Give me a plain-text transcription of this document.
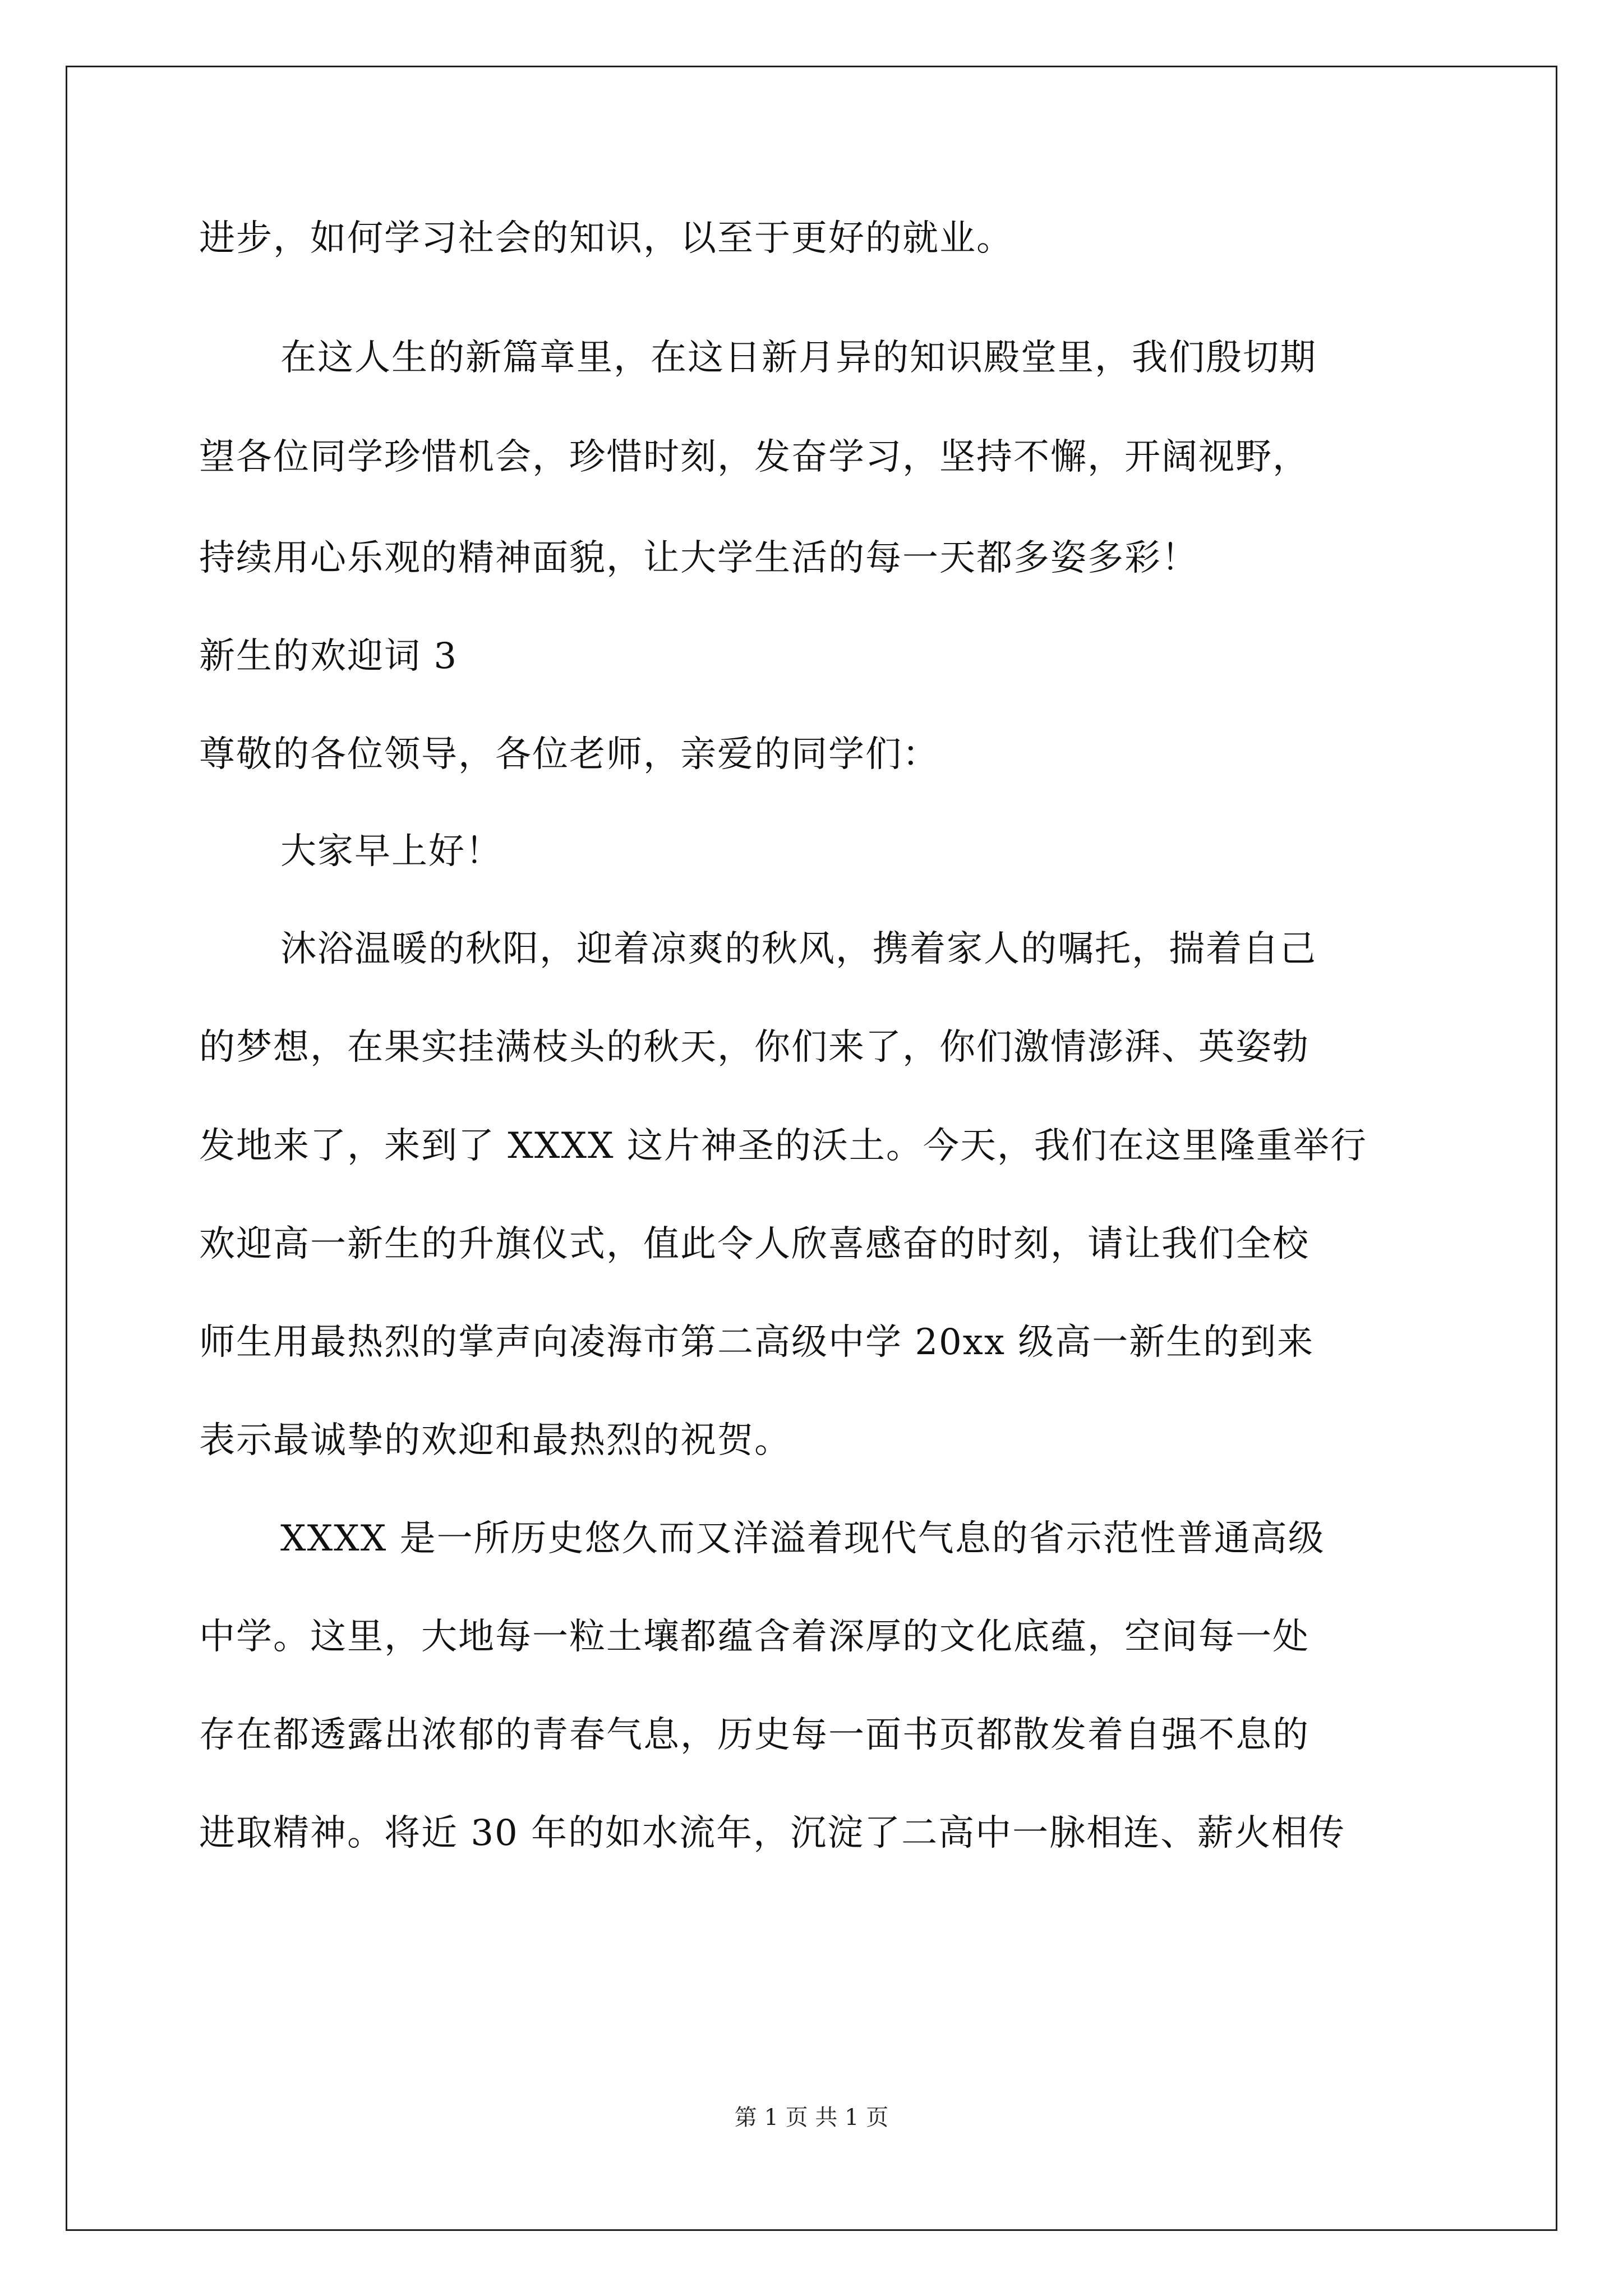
进步，如何学习社会的知识，以至于更好的就业。
在这人生的新篇章里，在这日新月异的知识殿堂里，我们殷切期
望各位同学珍惜机会，珍惜时刻，发奋学习，坚持不懈，开阔视野，
持续用心乐观的精神面貌，让大学生活的每一天都多姿多彩！
新生的欢迎词 3
尊敬的各位领导，各位老师，亲爱的同学们：
大家早上好！
沐浴温暖的秋阳，迎着凉爽的秋风，携着家人的嘱托，揣着自己
的梦想，在果实挂满枝头的秋天，你们来了，你们激情澎湃、英姿勃
发地来了，来到了 XXXX 这片神圣的沃土。今天，我们在这里隆重举行
欢迎高一新生的升旗仪式，值此令人欣喜感奋的时刻，请让我们全校
师生用最热烈的掌声向凌海市第二高级中学 20xx 级高一新生的到来
表示最诚挚的欢迎和最热烈的祝贺。
XXXX 是一所历史悠久而又洋溢着现代气息的省示范性普通高级
中学。这里，大地每一粒土壤都蕴含着深厚的文化底蕴，空间每一处
存在都透露出浓郁的青春气息，历史每一面书页都散发着自强不息的
进取精神。将近 30 年的如水流年，沉淀了二高中一脉相连、薪火相传
第 1 页 共 1 页
